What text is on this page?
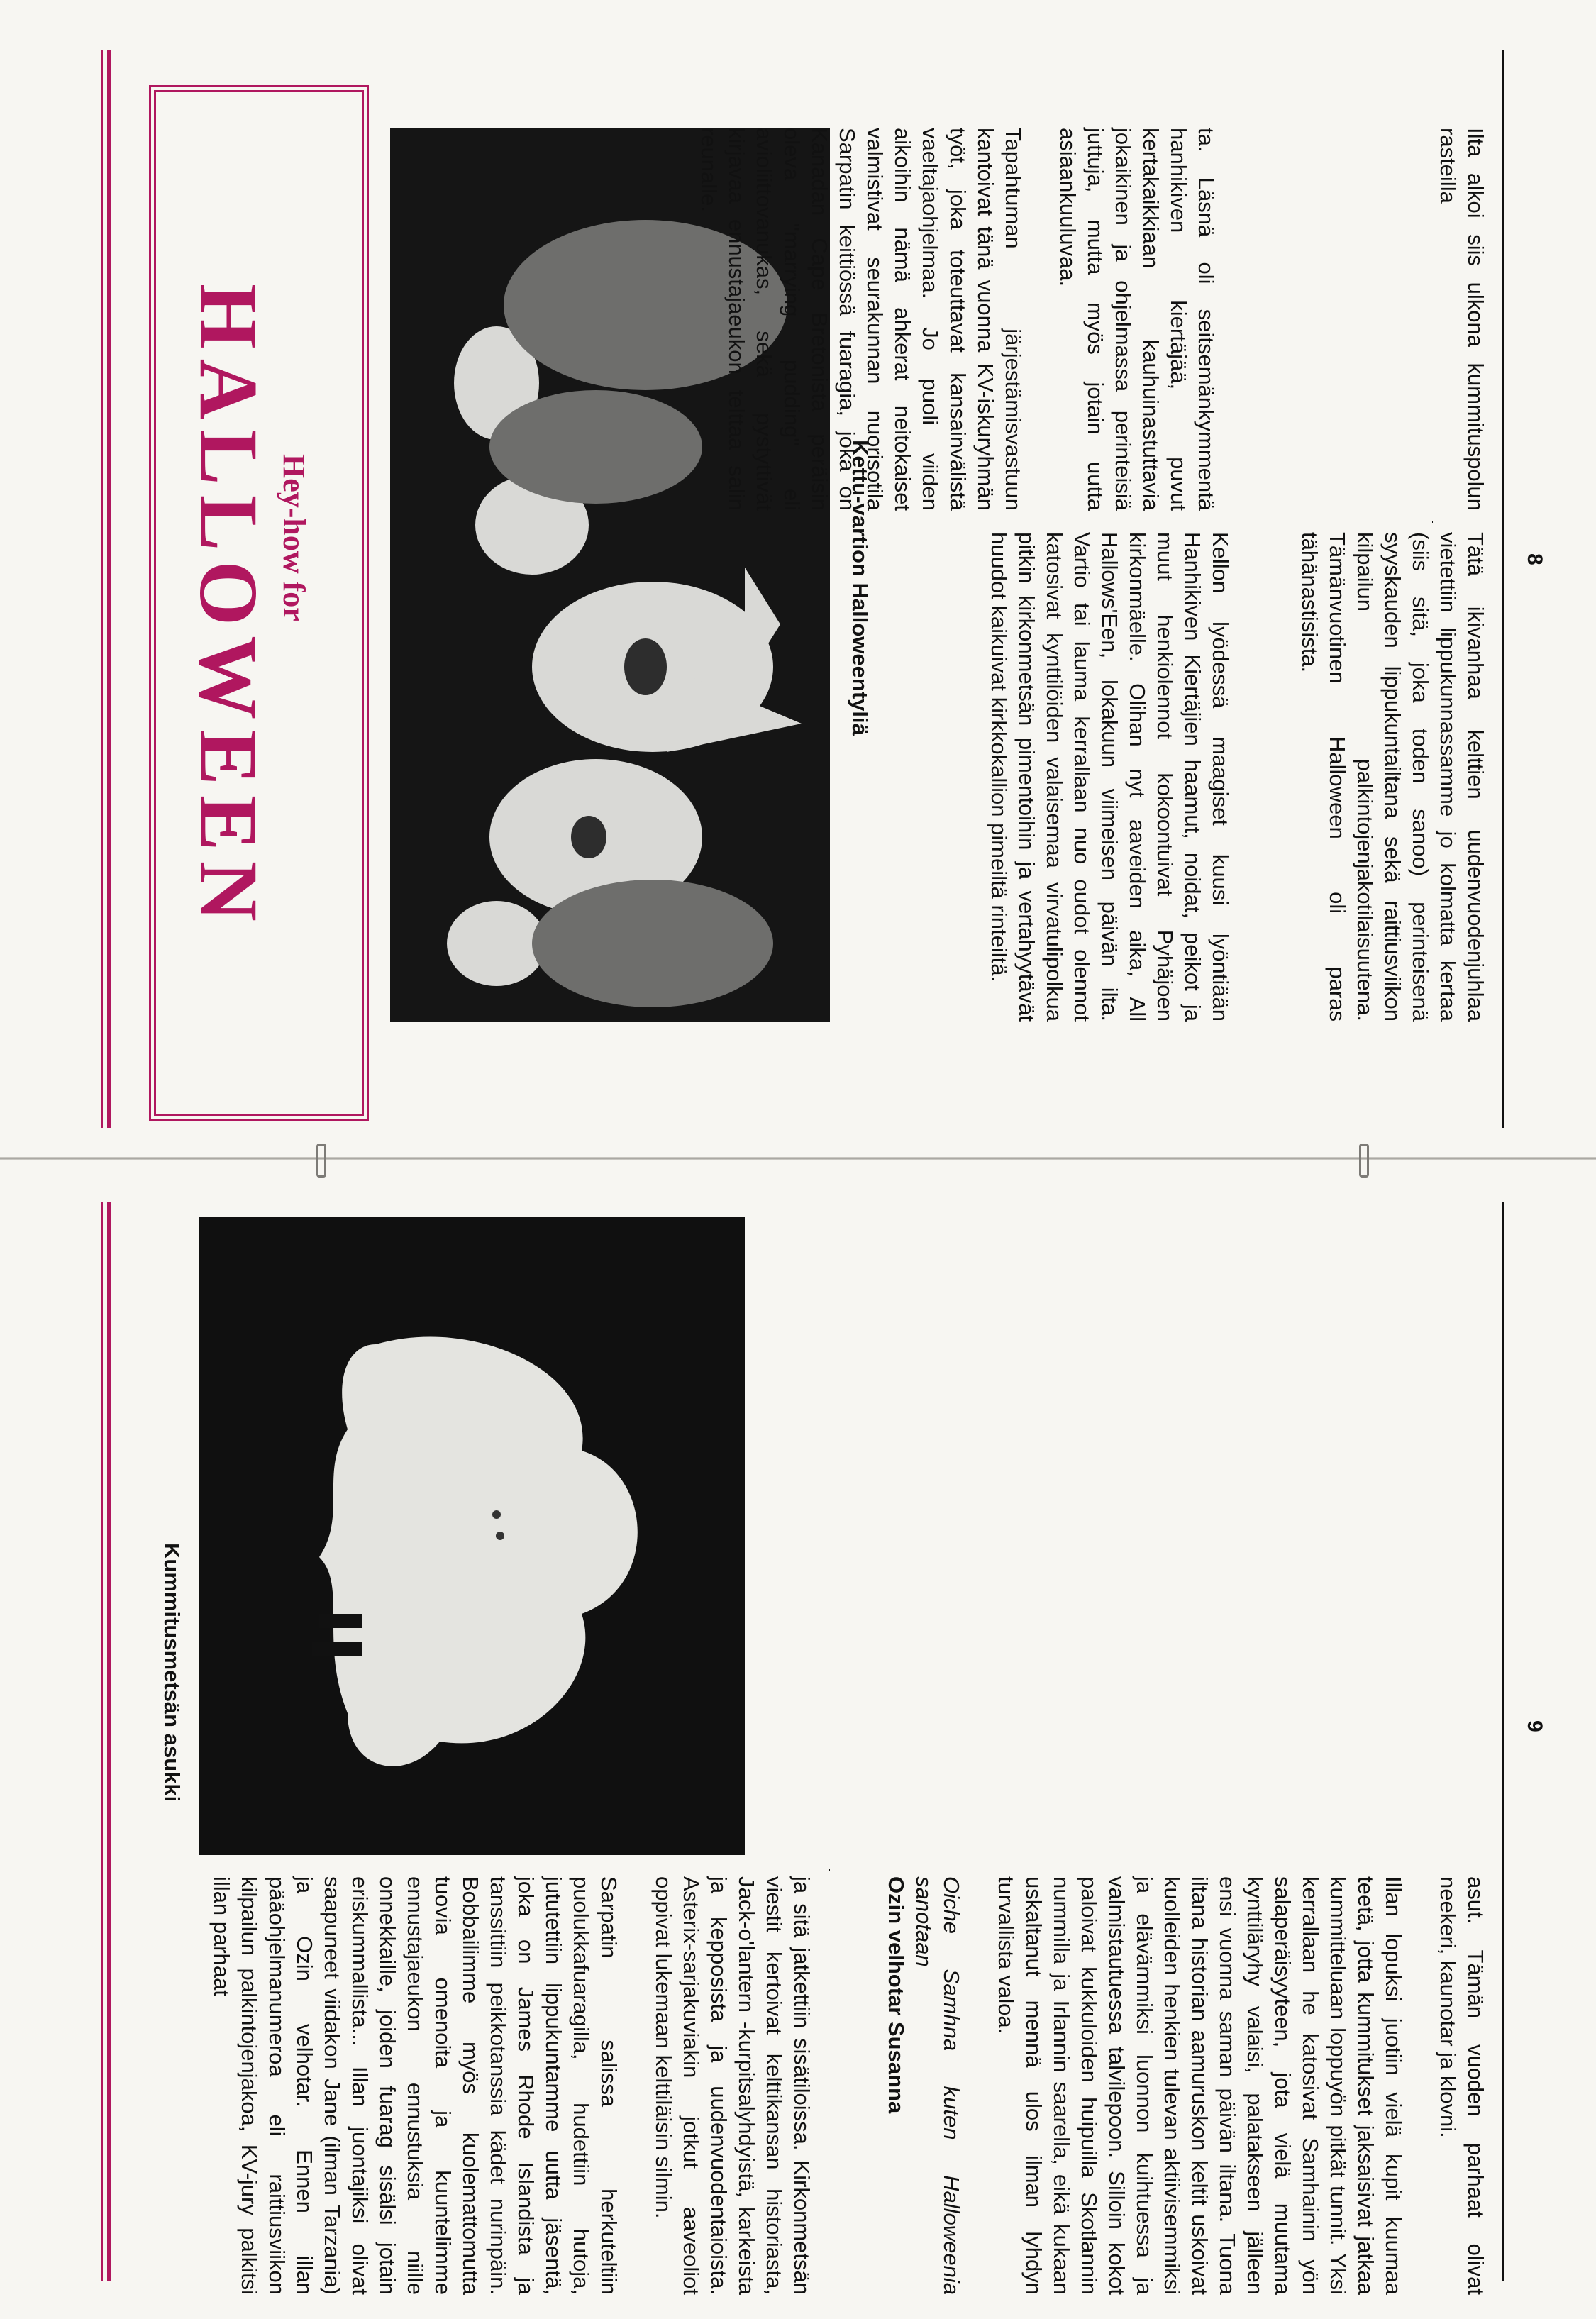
Hey-how for
HALLOWEEN	Kettu-vartion Halloweentyliä	Kellon lyödessä maagiset kuusi lyöntiään Hanhikiven Kiertäjien haamut, noidat, peikot ja muut henkiolennot kokoontuivat Pyhäjoen kirkonmäelle. Olihan nyt aaveiden aika, All Hallows'Een, lokakuun viimeisen päivän ilta. Vartio tai lauma kerrallaan nuo oudot olennot katosivat kynttilöiden valaisemaa virvatulipolkua pitkin kirkonmetsän pimentoihin ja vertahyytävät huudot kaikuivat kirkkokallion pimeiltä rinteiltä.	Tätä ikivanhaa kelttien uudenvuodenjuhlaa vietettiin lippukunnassamme jo kolmatta kertaa (siis sitä, joka toden sanoo) perinteisenä syyskauden lippukuntailtana sekä raittiusviikon kilpailun palkintojenjakotilaisuutena. Tämänvuotinen Halloween oli paras tähänastisista.

ta. Läsnä oli seitsemänkymmentä hanhikiven kiertäjää, puvut kertakaikkiaan kauhuinastuttavia jokaikinen ja ohjelmassa perinteisiä juttuja, mutta myös jotain uutta asiaankuuluvaa.

Tapahtuman järjestämisvastuun kantoivat tänä vuonna KV-iskuryhmän työt, joka toteuttavat kansainvälistä vaeltajaohjelmaa. Jo puoli viiden aikoihin nämä ahkerat neitokaiset valmistivat seurakunnan nuorisotila Sarpatin keittiössä fuaragia, joka on Kanadan Cape Bretonista peräisin oleva "marrying pudding" eli avioliittovanukas, sekä pystyttivät kirjavaa ennustajaeukon telttaa salin reunalle.	Ilta alkoi siis ulkona kummituspolun rasteilla

8
Kummitusmetsän asukki

ja sitä jatkettiin sisätiloissa. Kirkonmetsän viestit kertoivat kelttikansan historiasta, Jack-o'lantern -kurpitsalyhdyistä, karkeista ja kepposista ja uudenvuodentaioista. Asterix-sarjakuviakin jotkut aaveoliot oppivat lukemaan kelttiläisin silmin.

Sarpatin salissa herkuteltiin puolukkafuaragilla, hudettiin hutoja, jututettiin lippukuntamme uutta jäsentä, joka on James Rhode Islandista ja tanssittiin peikkotanssia kädet nurinpäin. Bobbailimme myös kuolemattomutta tuovia omenoita ja kuuntelimme ennustajaeukon ennustuksia niille onnekkaille, joiden fuarag sisälsi jotain eriskummallista... Illan juontajiksi olivat saapuneet viidakon Jane (ilman Tarzania) ja Ozin velhotar. Ennen illan pääohjelmanumeroa eli raittiusviikon kilpailun palkintojenjakoa, KV-jury palkitsi illan parhaat	asut. Tämän vuoden parhaat olivat neekeri, kaunotar ja klovni.

Illan lopuksi juotiin vielä kupit kuumaa teetä, jotta kummitukset jaksaisivat jatkaa kummitteluaan loppuyön pitkät tunnit. Yksi kerrallaan he katosivat Samhainin yön salaperäisyyteen, jota vielä muutama kynttiläryhy valaisi, palatakseen jälleen ensi vuonna saman päivän iltana. Tuona iltana historian aamuruskon keltit uskoivat kuolleiden henkien tulevan aktiivisemmiksi ja elävämmiksi luonnon kuihtuessa ja valmistautuessa talvilepoon. Silloin kokot paloivat kukkuloiden huipuilla Skotlannin nummilla ja Irlannin saarella, eikä kukaan uskaltanut mennä ulos ilman lyhdyn turvallista valoa.

Oiche Samhna kuten Halloweenia sanotaan

Ozin velhotar Susanna

9
